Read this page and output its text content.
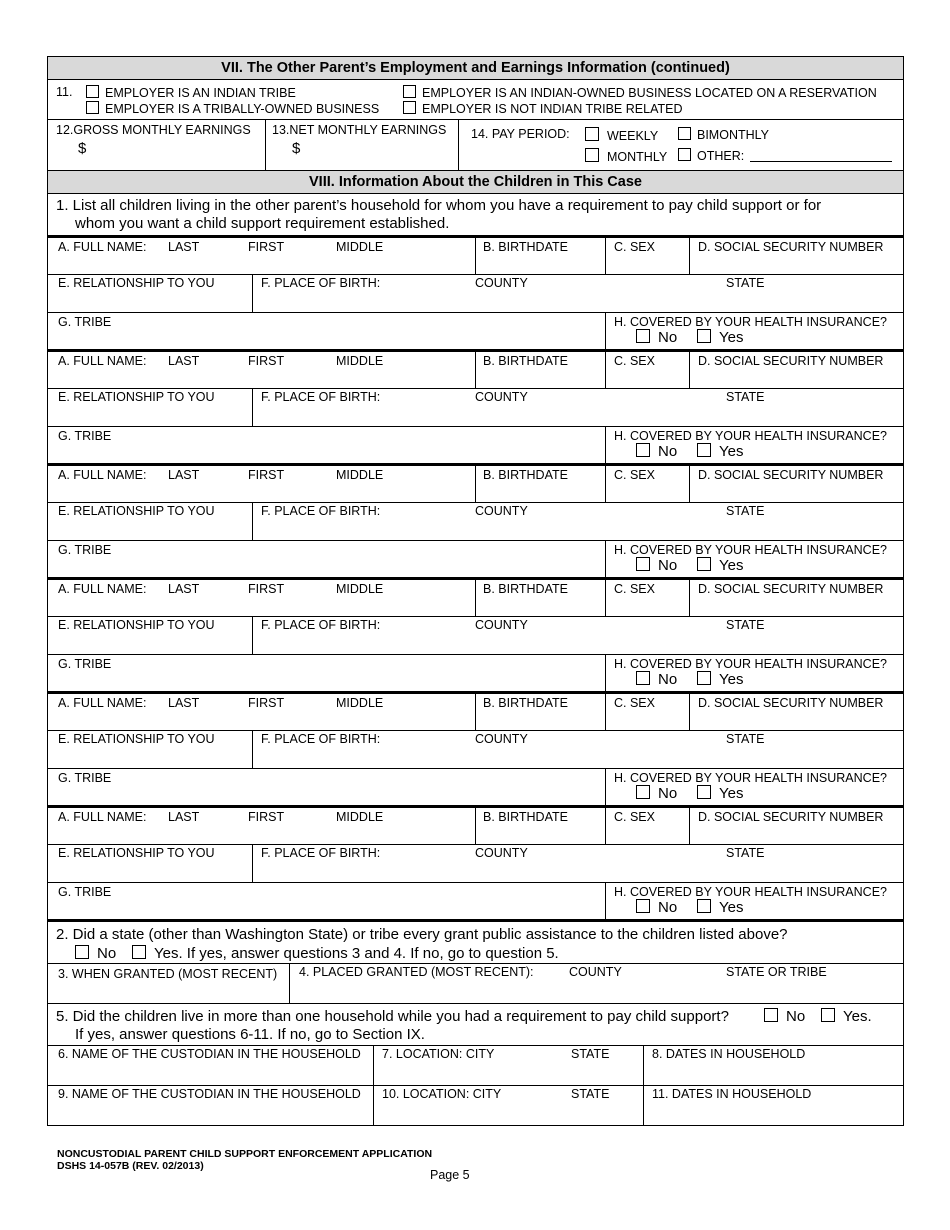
VII. The Other Parent’s Employment and Earnings Information (continued)
11.	EMPLOYER IS AN INDIAN TRIBE
EMPLOYER IS A TRIBALLY-OWNED BUSINESS
EMPLOYER IS AN INDIAN-OWNED BUSINESS LOCATED ON A RESERVATION
EMPLOYER IS NOT INDIAN TRIBE RELATED
12.GROSS MONTHLY EARNINGS
$
13.NET MONTHLY EARNINGS
$
14. PAY PERIOD:	WEEKLY	BIMONTHLY
MONTHLY	OTHER:
VIII. Information About the Children in This Case
1. List all children living in the other parent’s household for whom you have a requirement to pay child support or for
whom you want a child support requirement established.
A. FULL NAME: LAST	FIRST	MIDDLE	B. BIRTHDATE	C. SEX	D. SOCIAL SECURITY NUMBER
E. RELATIONSHIP TO YOU	F. PLACE OF BIRTH:	COUNTY	STATE
G. TRIBE	H. COVERED BY YOUR HEALTH INSURANCE?
No	Yes
A. FULL NAME: LAST	FIRST	MIDDLE	B. BIRTHDATE	C. SEX	D. SOCIAL SECURITY NUMBER
E. RELATIONSHIP TO YOU	F. PLACE OF BIRTH:	COUNTY	STATE
G. TRIBE	H. COVERED BY YOUR HEALTH INSURANCE?
No	Yes
A. FULL NAME: LAST	FIRST	MIDDLE	B. BIRTHDATE	C. SEX	D. SOCIAL SECURITY NUMBER
E. RELATIONSHIP TO YOU	F. PLACE OF BIRTH:	COUNTY	STATE
G. TRIBE	H. COVERED BY YOUR HEALTH INSURANCE?
No	Yes
A. FULL NAME: LAST	FIRST	MIDDLE	B. BIRTHDATE	C. SEX	D. SOCIAL SECURITY NUMBER
E. RELATIONSHIP TO YOU	F. PLACE OF BIRTH:	COUNTY	STATE
G. TRIBE	H. COVERED BY YOUR HEALTH INSURANCE?
No	Yes
A. FULL NAME: LAST	FIRST	MIDDLE	B. BIRTHDATE	C. SEX	D. SOCIAL SECURITY NUMBER
E. RELATIONSHIP TO YOU	F. PLACE OF BIRTH:	COUNTY	STATE
G. TRIBE	H. COVERED BY YOUR HEALTH INSURANCE?
No	Yes
A. FULL NAME: LAST	FIRST	MIDDLE	B. BIRTHDATE	C. SEX	D. SOCIAL SECURITY NUMBER
E. RELATIONSHIP TO YOU	F. PLACE OF BIRTH:	COUNTY	STATE
G. TRIBE	H. COVERED BY YOUR HEALTH INSURANCE?
No	Yes
2. Did a state (other than Washington State) or tribe every grant public assistance to the children listed above?
No	Yes. If yes, answer questions 3 and 4. If no, go to question 5.
3. WHEN GRANTED (MOST RECENT) 4. PLACED GRANTED (MOST RECENT):	COUNTY	STATE OR TRIBE
5. Did the children live in more than one household while you had a requirement to pay child support?	No	Yes.
If yes, answer questions 6-11. If no, go to Section IX.
6. NAME OF THE CUSTODIAN IN THE HOUSEHOLD 7. LOCATION: CITY	STATE	8. DATES IN HOUSEHOLD
9. NAME OF THE CUSTODIAN IN THE HOUSEHOLD 10. LOCATION: CITY	STATE	11. DATES IN HOUSEHOLD
NONCUSTODIAL PARENT CHILD SUPPORT ENFORCEMENT APPLICATION
DSHS 14-057B (REV. 02/2013)
Page 5
